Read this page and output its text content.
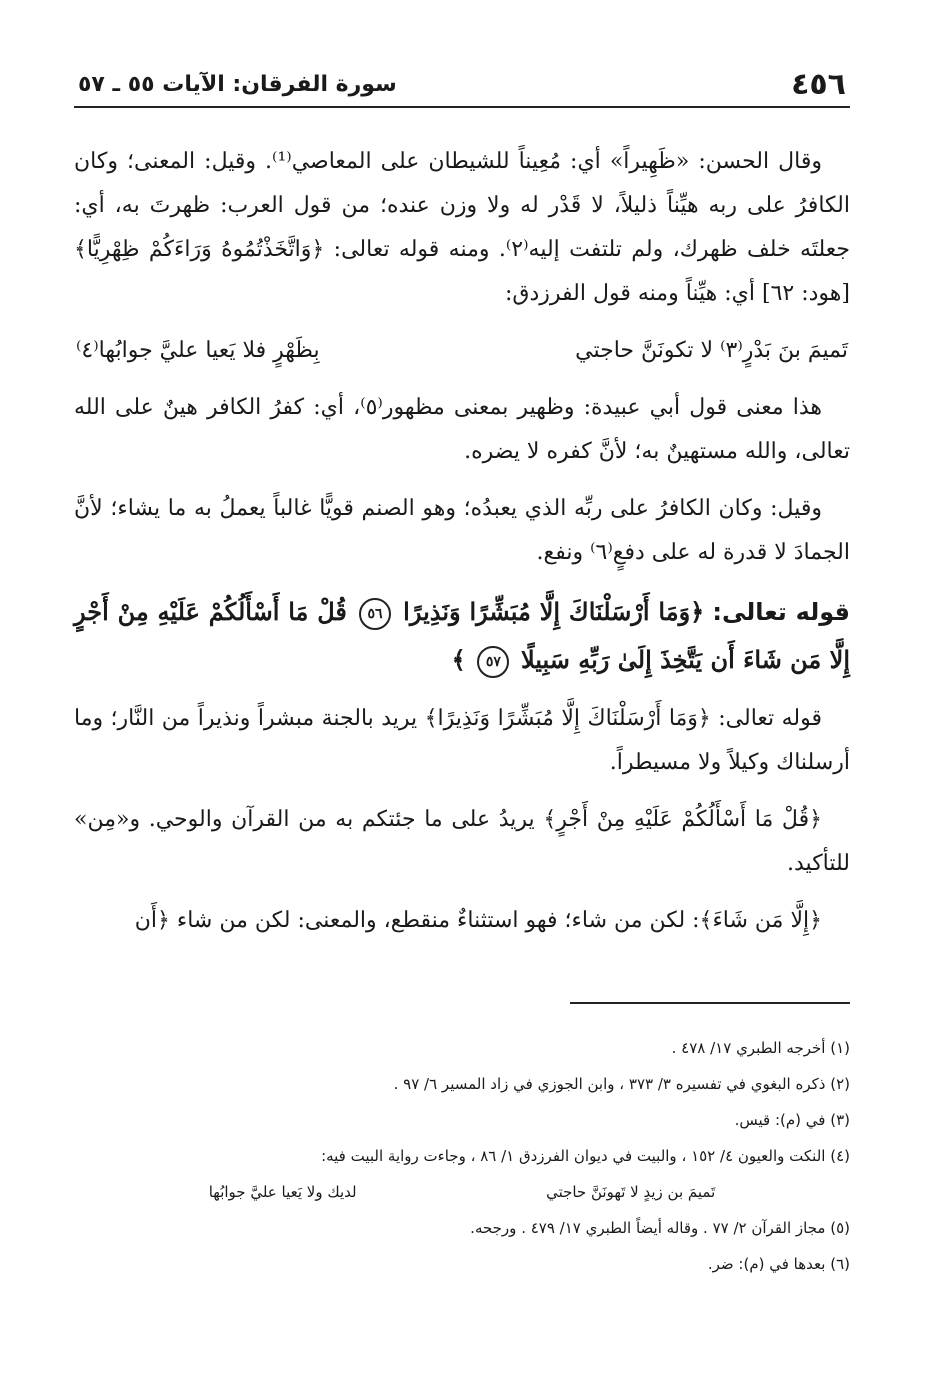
٤٥٦
سورة الفرقان: الآيات ٥٥ ـ ٥٧

وقال الحسن: «ظَهِيراً» أي: مُعِيناً للشيطان على المعاصي⁽¹⁾. وقيل: المعنى؛ وكان الكافرُ على ربه هيِّناً ذليلاً، لا قَدْر له ولا وزن عنده؛ من قول العرب: ظهرتَ به، أي: جعلتَه خلف ظهرك، ولم تلتفت إليه⁽٢⁾. ومنه قوله تعالى: ﴿وَاتَّخَذْتُمُوهُ وَرَاءَكُمْ ظِهْرِيًّا﴾ [هود: ٦٢] أي: هيِّناً ومنه قول الفرزدق:

تَميمَ بنَ بَدْرٍ⁽٣⁾ لا تكونَنَّ حاجتي
بِظَهْرٍ فلا يَعيا عليَّ جوابُها⁽٤⁾

هذا معنى قول أبي عبيدة: وظهير بمعنى مظهور⁽٥⁾، أي: كفرُ الكافر هينٌ على الله تعالى، والله مستهينٌ به؛ لأنَّ كفره لا يضره.

وقيل: وكان الكافرُ على ربِّه الذي يعبدُه؛ وهو الصنم قويًّا غالباً يعملُ به ما يشاء؛ لأنَّ الجمادَ لا قدرة له على دفعٍ⁽٦⁾ ونفع.

قوله تعالى: ﴿وَمَا أَرْسَلْنَاكَ إِلَّا مُبَشِّرًا وَنَذِيرًا ٥٦ قُلْ مَا أَسْأَلُكُمْ عَلَيْهِ مِنْ أَجْرٍ إِلَّا مَن شَاءَ أَن يَتَّخِذَ إِلَىٰ رَبِّهِ سَبِيلًا ٥٧ ﴾

قوله تعالى: ﴿وَمَا أَرْسَلْنَاكَ إِلَّا مُبَشِّرًا وَنَذِيرًا﴾ يريد بالجنة مبشراً ونذيراً من النَّار؛ وما أرسلناك وكيلاً ولا مسيطراً.

﴿قُلْ مَا أَسْأَلُكُمْ عَلَيْهِ مِنْ أَجْرٍ﴾ يريدُ على ما جئتكم به من القرآن والوحي. و«مِن» للتأكيد.

﴿إِلَّا مَن شَاءَ﴾: لكن من شاء؛ فهو استثناءٌ منقطع، والمعنى: لكن من شاء ﴿أَن

(١) أخرجه الطبري ١٧/ ٤٧٨ .

(٢) ذكره البغوي في تفسيره ٣/ ٣٧٣ ، وابن الجوزي في زاد المسير ٦/ ٩٧ .

(٣) في (م): قيس.

(٤) النكت والعيون ٤/ ١٥٢ ، والبيت في ديوان الفرزدق ١/ ٨٦ ، وجاءت رواية البيت فيه:

تَميمَ بن زيدٍ لا تَهونَنَّ حاجتي
لديك ولا يَعيا عليَّ جوابُها

(٥) مجاز القرآن ٢/ ٧٧ . وقاله أيضاً الطبري ١٧/ ٤٧٩ . ورجحه.

(٦) بعدها في (م): ضر.
